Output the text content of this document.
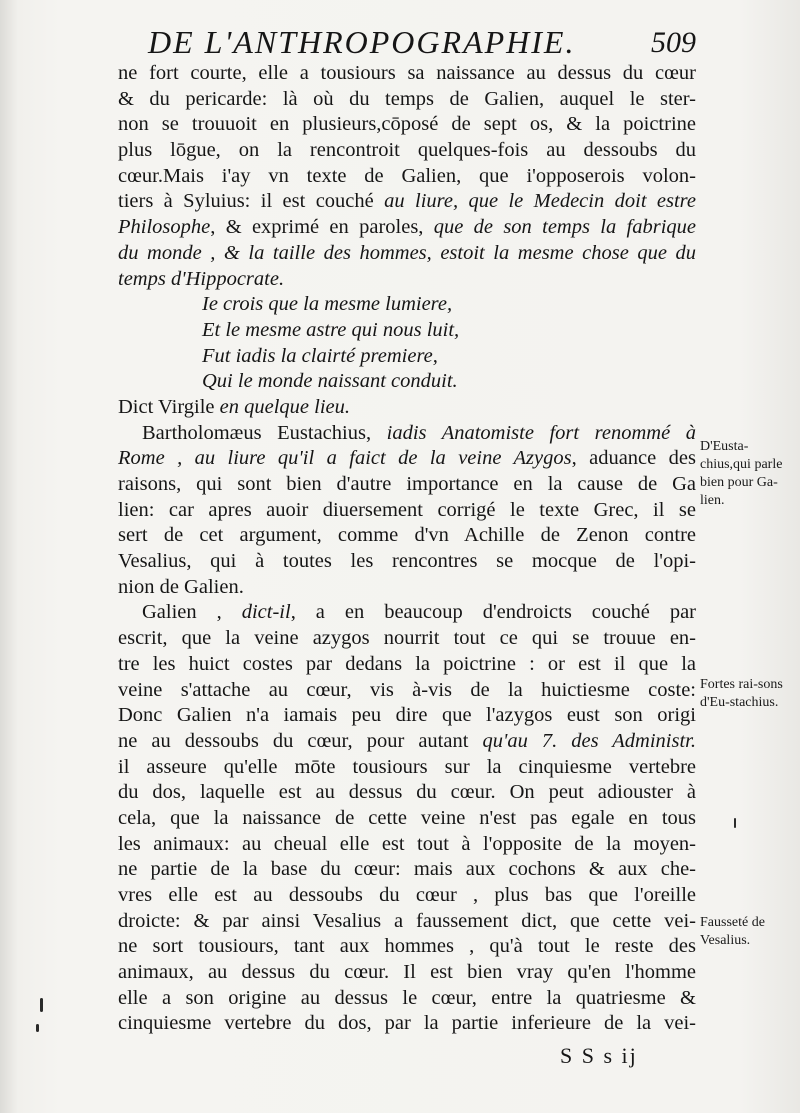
DE L'ANTHROPOGRAPHIE.	509
ne fort courte, elle a tousiours sa naissance au dessus du cœur
& du pericarde: là où du temps de Galien, auquel le ster-
non se trouuoit en plusieurs,cōposé de sept os, & la poictrine
plus lōgue, on la rencontroit quelques-fois au dessoubs du
cœur.Mais i'ay vn texte de Galien, que i'opposerois volon-
tiers à Syluius: il est couché au liure, que le Medecin doit estre
Philosophe, & exprimé en paroles, que de son temps la fabrique
du monde , & la taille des hommes, estoit la mesme chose que du
temps d'Hippocrate.
Ie crois que la mesme lumiere,
Et le mesme astre qui nous luit,
Fut iadis la clairté premiere,
Qui le monde naissant conduit.
Dict Virgile en quelque lieu.
Bartholomæus Eustachius, iadis Anatomiste fort renommé à
Rome , au liure qu'il a faict de la veine Azygos, aduance des
raisons, qui sont bien d'autre importance en la cause de Ga
lien: car apres auoir diuersement corrigé le texte Grec, il se
sert de cet argument, comme d'vn Achille de Zenon contre
Vesalius, qui à toutes les rencontres se mocque de l'opi-
nion de Galien.
Galien , dict-il, a en beaucoup d'endroicts couché par
escrit, que la veine azygos nourrit tout ce qui se trouue en-
tre les huict costes par dedans la poictrine : or est il que la
veine s'attache au cœur, vis à-vis de la huictiesme coste:
Donc Galien n'a iamais peu dire que l'azygos eust son origi
ne au dessoubs du cœur, pour autant qu'au 7. des Administr.
il asseure qu'elle mōte tousiours sur la cinquiesme vertebre
du dos, laquelle est au dessus du cœur. On peut adiouster à
cela, que la naissance de cette veine n'est pas egale en tous
les animaux: au cheual elle est tout à l'opposite de la moyen-
ne partie de la base du cœur: mais aux cochons & aux che-
vres elle est au dessoubs du cœur , plus bas que l'oreille
droicte: & par ainsi Vesalius a faussement dict, que cette vei-
ne sort tousiours, tant aux hommes , qu'à tout le reste des
animaux, au dessus du cœur. Il est bien vray qu'en l'homme
elle a son origine au dessus le cœur, entre la quatriesme &
cinquiesme vertebre du dos, par la partie inferieure de la vei-
D'Eusta-chius,qui parle bien pour Ga-lien.
Fortes rai-sons d'Eu-stachius.
Fausseté de Vesalius.
S S s ij
